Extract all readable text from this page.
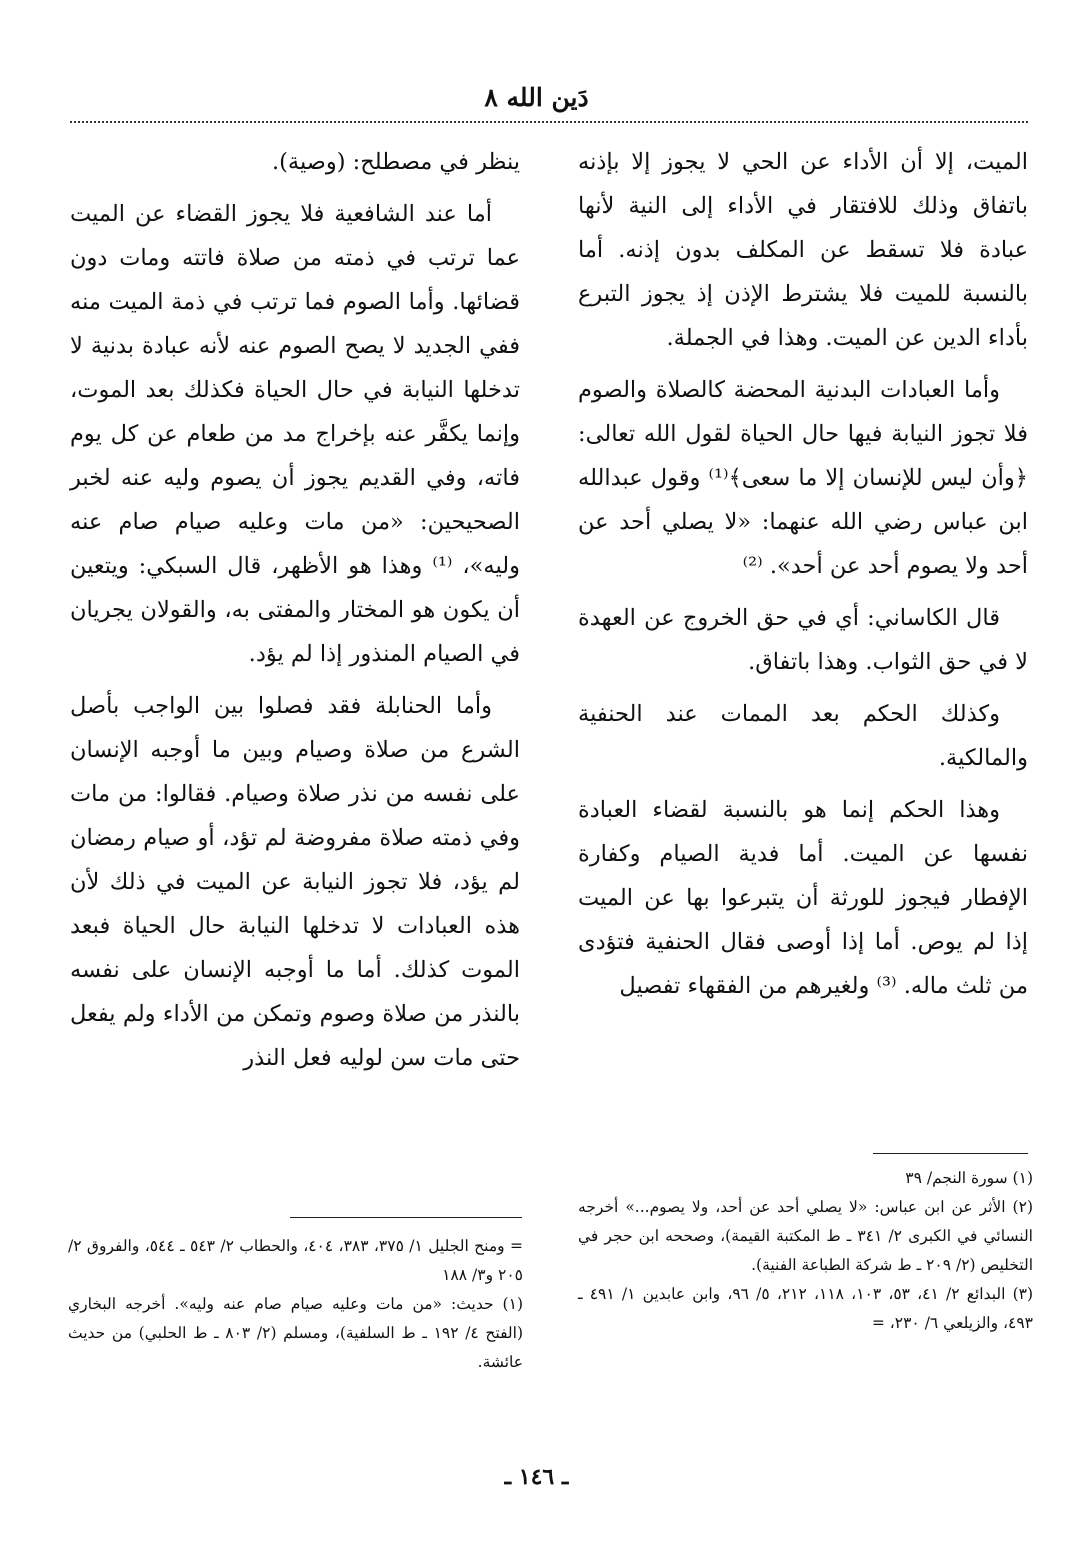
دَين الله ٨

الميت، إلا أن الأداء عن الحي لا يجوز إلا بإذنه باتفاق وذلك للافتقار في الأداء إلى النية لأنها عبادة فلا تسقط عن المكلف بدون إذنه. أما بالنسبة للميت فلا يشترط الإذن إذ يجوز التبرع بأداء الدين عن الميت. وهذا في الجملة.

وأما العبادات البدنية المحضة كالصلاة والصوم فلا تجوز النيابة فيها حال الحياة لقول الله تعالى: ﴿وأن ليس للإنسان إلا ما سعى﴾⁽¹⁾ وقول عبدالله ابن عباس رضي الله عنهما: «لا يصلي أحد عن أحد ولا يصوم أحد عن أحد». ⁽²⁾

قال الكاساني: أي في حق الخروج عن العهدة لا في حق الثواب. وهذا باتفاق.

وكذلك الحكم بعد الممات عند الحنفية والمالكية.

وهذا الحكم إنما هو بالنسبة لقضاء العبادة نفسها عن الميت. أما فدية الصيام وكفارة الإفطار فيجوز للورثة أن يتبرعوا بها عن الميت إذا لم يوص. أما إذا أوصى فقال الحنفية فتؤدى من ثلث ماله. ⁽³⁾ ولغيرهم من الفقهاء تفصيل

ينظر في مصطلح: (وصية).

أما عند الشافعية فلا يجوز القضاء عن الميت عما ترتب في ذمته من صلاة فاتته ومات دون قضائها. وأما الصوم فما ترتب في ذمة الميت منه ففي الجديد لا يصح الصوم عنه لأنه عبادة بدنية لا تدخلها النيابة في حال الحياة فكذلك بعد الموت، وإنما يكفَّر عنه بإخراج مد من طعام عن كل يوم فاته، وفي القديم يجوز أن يصوم وليه عنه لخبر الصحيحين: «من مات وعليه صيام صام عنه وليه»، ⁽¹⁾ وهذا هو الأظهر، قال السبكي: ويتعين أن يكون هو المختار والمفتى به، والقولان يجريان في الصيام المنذور إذا لم يؤد.

وأما الحنابلة فقد فصلوا بين الواجب بأصل الشرع من صلاة وصيام وبين ما أوجبه الإنسان على نفسه من نذر صلاة وصيام. فقالوا: من مات وفي ذمته صلاة مفروضة لم تؤد، أو صيام رمضان لم يؤد، فلا تجوز النيابة عن الميت في ذلك لأن هذه العبادات لا تدخلها النيابة حال الحياة فبعد الموت كذلك. أما ما أوجبه الإنسان على نفسه بالنذر من صلاة وصوم وتمكن من الأداء ولم يفعل حتى مات سن لوليه فعل النذر

(١) سورة النجم/ ٣٩

(٢) الأثر عن ابن عباس: «لا يصلي أحد عن أحد، ولا يصوم...» أخرجه النسائي في الكبرى ٢/ ٣٤١ ـ ط المكتبة القيمة)، وصححه ابن حجر في التخليص (٢/ ٢٠٩ ـ ط شركة الطباعة الفنية).

(٣) البدائع ٢/ ٤١، ٥٣، ١٠٣، ١١٨، ٢١٢، ٥/ ٩٦، وابن عابدين ١/ ٤٩١ ـ ٤٩٣، والزيلعي ٦/ ٢٣٠، =

= ومنح الجليل ١/ ٣٧٥، ٣٨٣، ٤٠٤، والحطاب ٢/ ٥٤٣ ـ ٥٤٤، والفروق ٢/ ٢٠٥ و٣/ ١٨٨

(١) حديث: «من مات وعليه صيام صام عنه وليه». أخرجه البخاري (الفتح ٤/ ١٩٢ ـ ط السلفية)، ومسلم (٢/ ٨٠٣ ـ ط الحلبي) من حديث عائشة.

ـ ١٤٦ ـ
